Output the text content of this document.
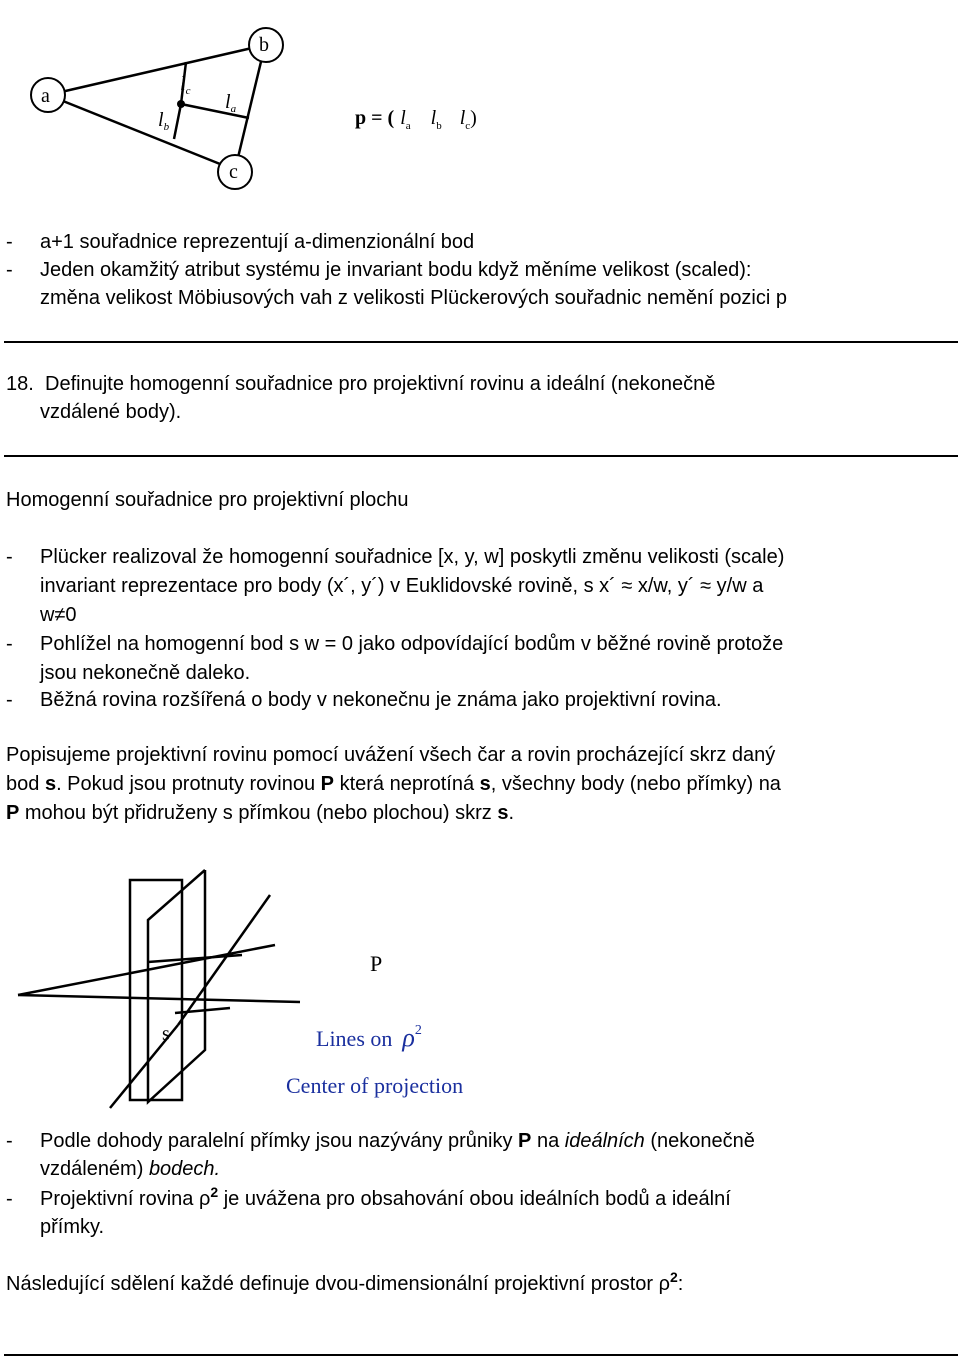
a
b
c
$l_c$ $l_a$
$l_b$	p = ( $l_a$ $l_b$ $l_c$)
- a+1 souřadnice reprezentují a-dimenzionální bod
- Jeden okamžitý atribut systému je invariant bodu když měníme velikost (scaled):
změna velikost Möbiusových vah z velikosti Plückerových souřadnic nemění pozici p
18. Definujte homogenní souřadnice pro projektivní rovinu a ideální (nekonečně
vzdálené body).
Homogenní souřadnice pro projektivní plochu
- Plücker realizoval že homogenní souřadnice [x, y, w] poskytli změnu velikosti (scale)
invariant reprezentace pro body (x´, y´) v Euklidovské rovině, s x´ ≈ x/w, y´ ≈ y/w a
w≠0
- Pohlížel na homogenní bod s w = 0 jako odpovídající bodům v běžné rovině protože
jsou nekonečně daleko.
- Běžná rovina rozšířená o body v nekonečnu je známa jako projektivní rovina.
Popisujeme projektivní rovinu pomocí uvážení všech čar a rovin procházející skrz daný
bod s. Pokud jsou protnuty rovinou P která neprotíná s, všechny body (nebo přímky) na
P mohou být přidruženy s přímkou (nebo plochou) skrz s.
P
s	Lines on $\rho^2$
Center of projection
- Podle dohody paralelní přímky jsou nazývány průniky P na ideálních (nekonečně
vzdáleném) bodech.
- Projektivní rovina $\rho^2$ je uvážena pro obsahování obou ideálních bodů a ideální
přímky.
Následující sdělení každé definuje dvou-dimensionální projektivní prostor $\rho^2$:
